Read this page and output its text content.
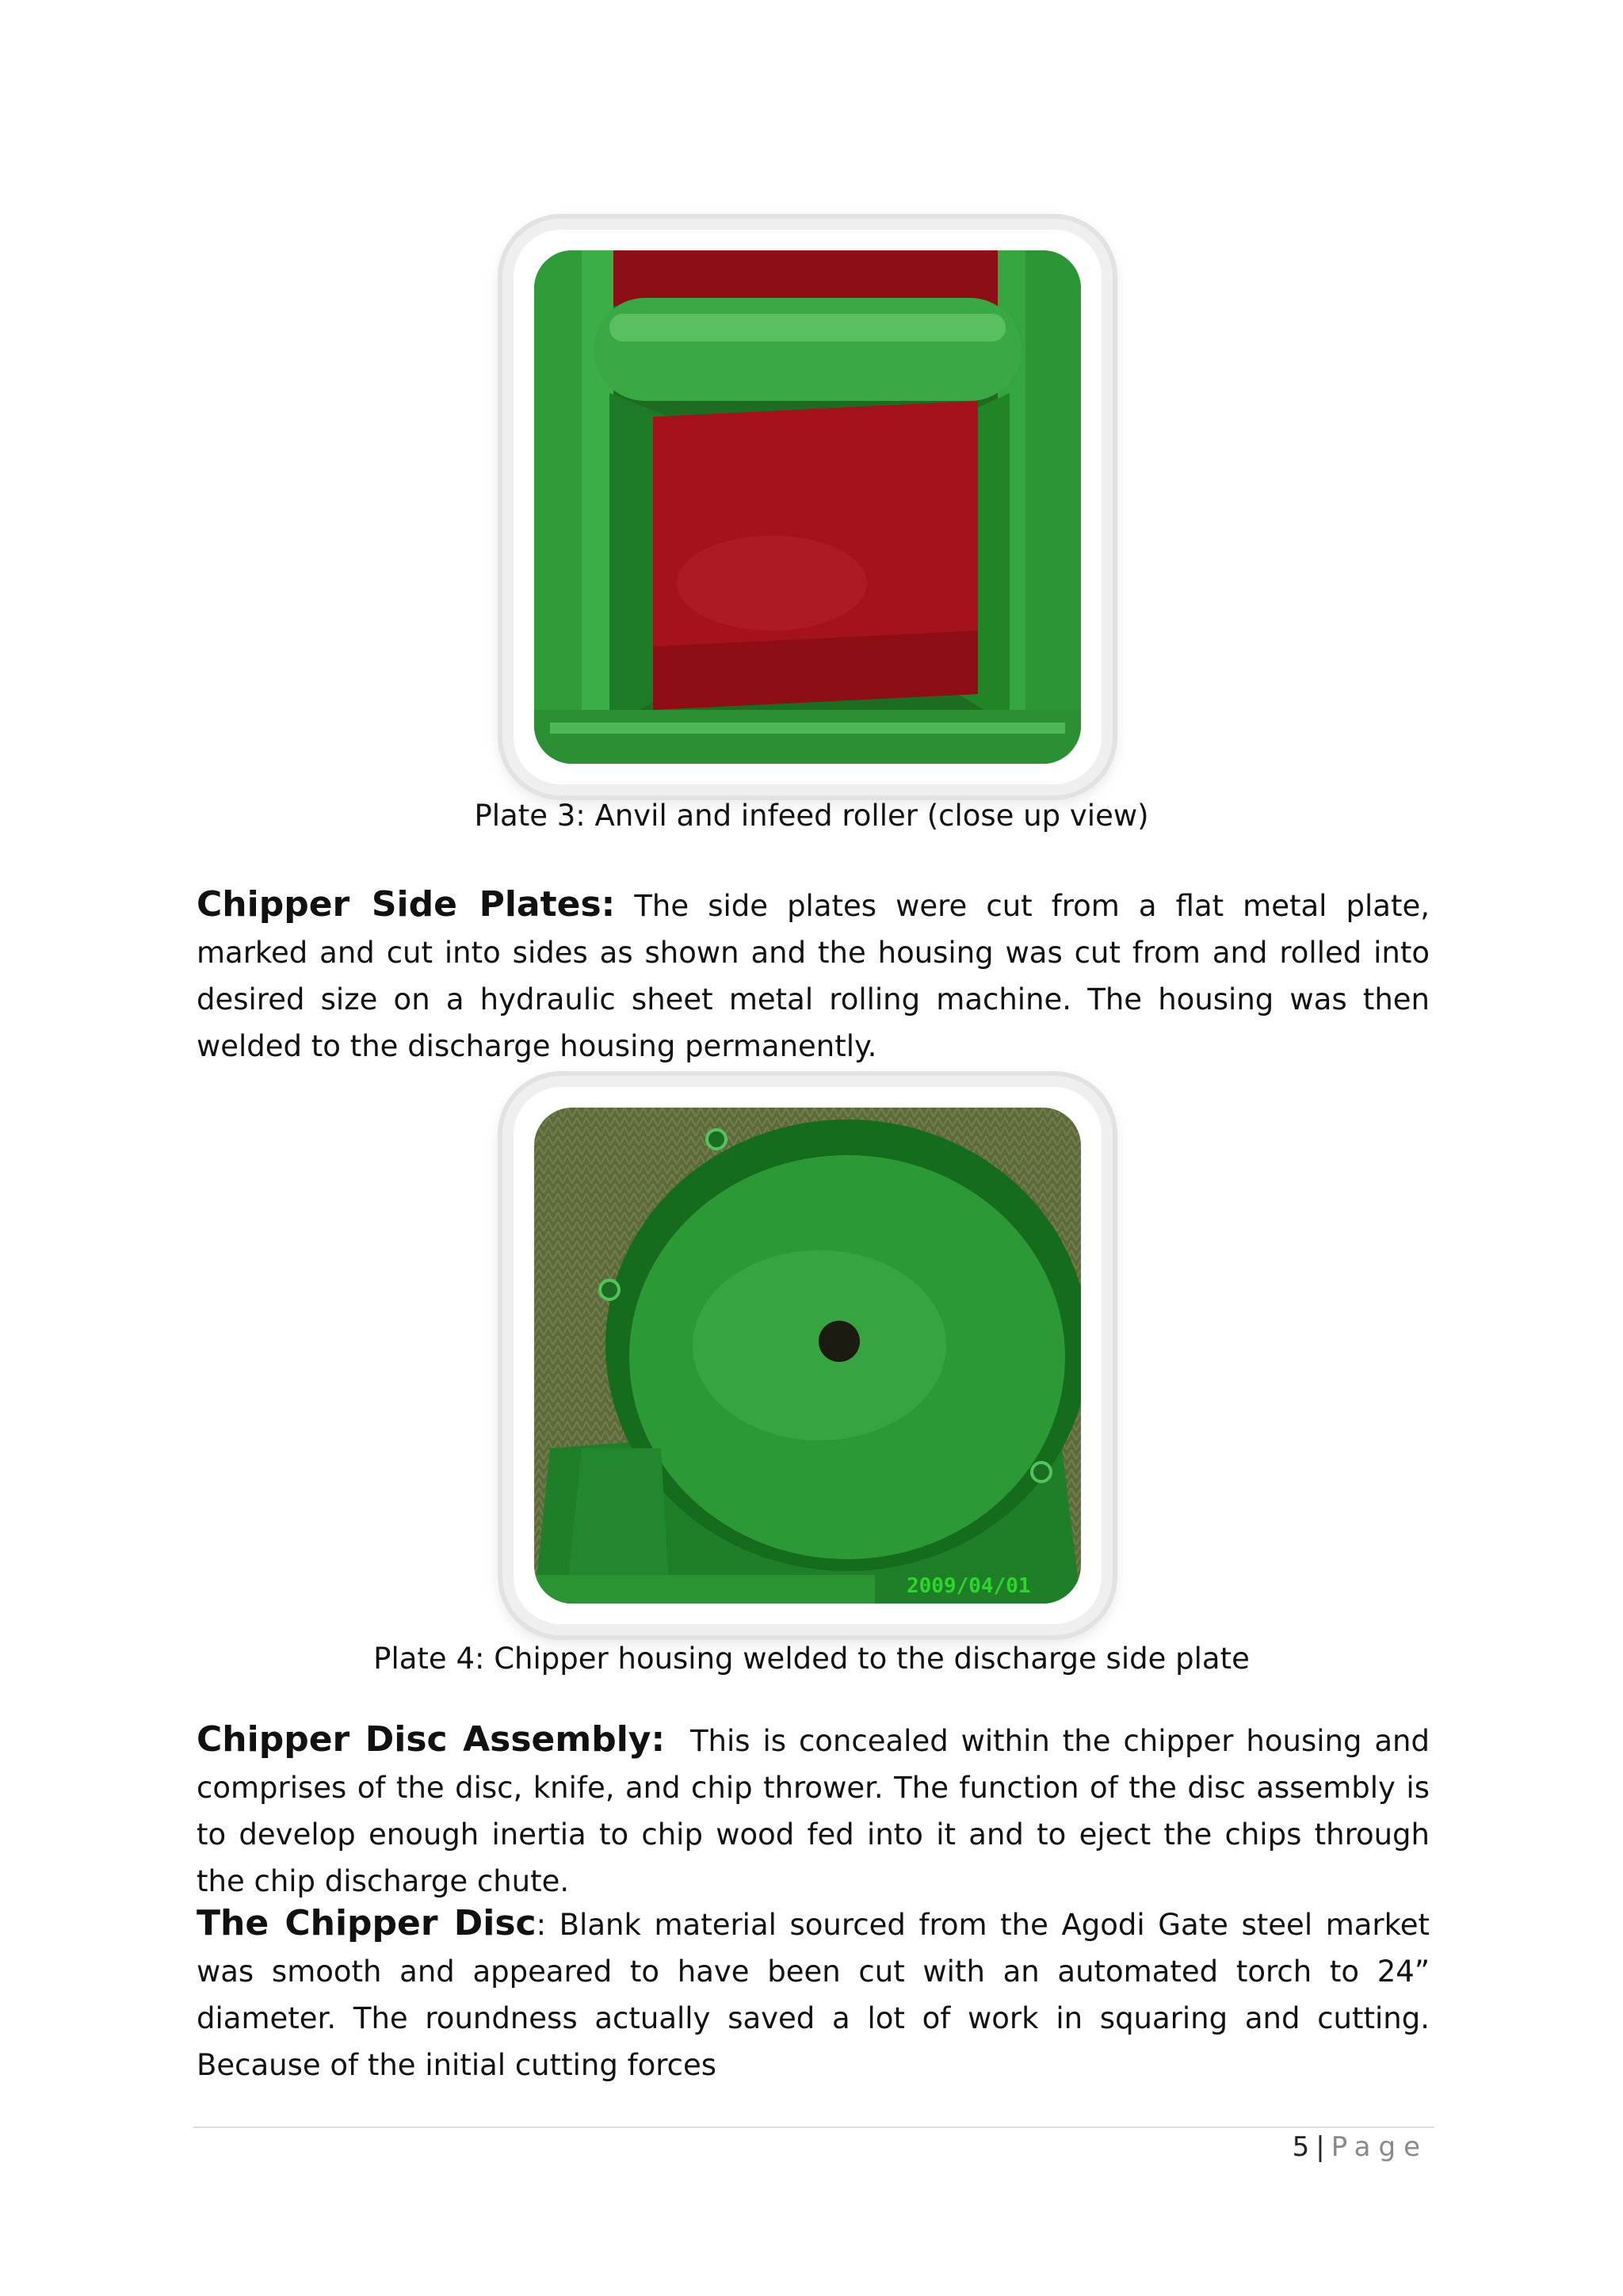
Plate 3: Anvil and infeed roller (close up view)
Chipper Side Plates: The side plates were cut from a flat metal plate, marked and cut into sides as shown and the housing was cut from and rolled into desired size on a hydraulic sheet metal rolling machine. The housing was then welded to the discharge housing permanently.
2009/04/01
Plate 4: Chipper housing welded to the discharge side plate
Chipper Disc Assembly: This is concealed within the chipper housing and comprises of the disc, knife, and chip thrower. The function of the disc assembly is to develop enough inertia to chip wood fed into it and to eject the chips through the chip discharge chute.
The Chipper Disc: Blank material sourced from the Agodi Gate steel market was smooth and appeared to have been cut with an automated torch to 24” diameter. The roundness actually saved a lot of work in squaring and cutting. Because of the initial cutting forces
5 | Page
